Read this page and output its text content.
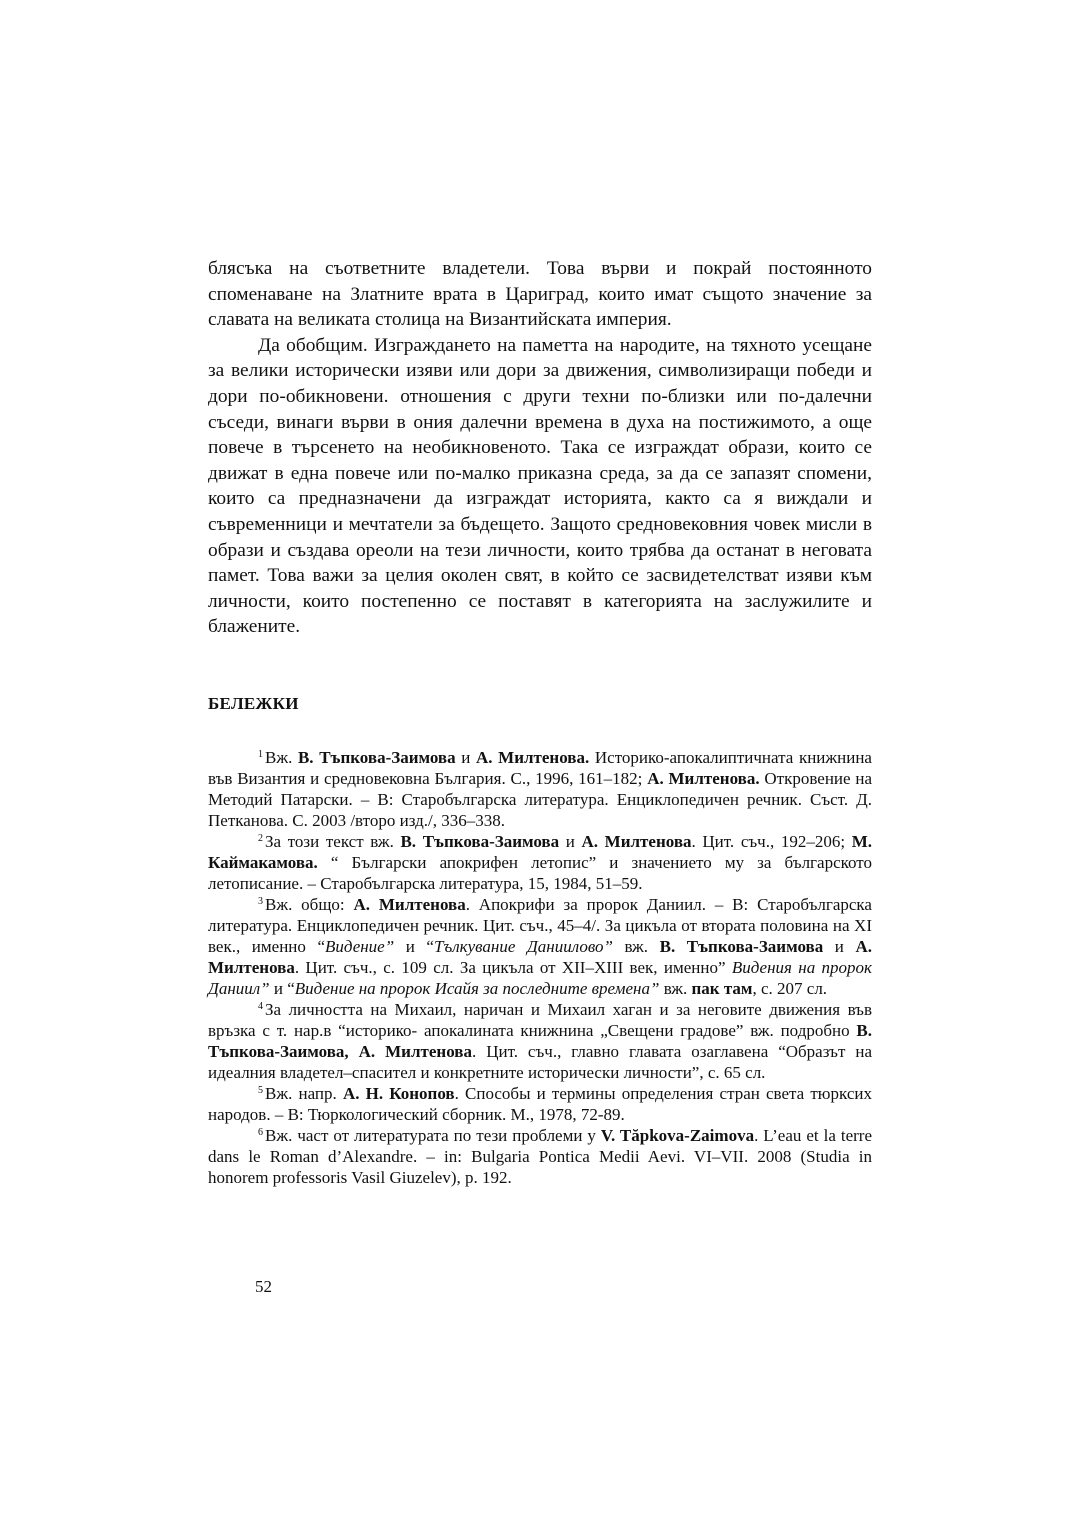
блясъка на съответните владетели. Това върви и покрай постоянното споменаване на Златните врата в Цариград, които имат същото значение за славата на великата столица на Византийската империя.

Да обобщим. Изграждането на паметта на народите, на тяхното усещане за велики исторически изяви или дори за движения, символизиращи победи и дори по-обикновени. отношения с други техни по-близки или по-далечни съседи, винаги върви в ония далечни времена в духа на постижимото, а още повече в търсенето на необикновеното. Така се изграждат образи, които се движат в една повече или по-малко приказна среда, за да се запазят спомени, които са предназначени да изграждат историята, както са я виждали и съвременници и мечтатели за бъдещето. Защото средновековния човек мисли в образи и създава ореоли на тези личности, които трябва да останат в неговата памет. Това важи за целия околен свят, в който се засвидетелстват изяви към личности, които постепенно се поставят в категорията на заслужилите и блажените.

БЕЛЕЖКИ

$^1$ Вж. В. Тъпкова-Заимова и А. Милтенова. Историко-апокалиптичната книжнина във Византия и средновековна България. С., 1996, 161–182; А. Милтенова. Откровение на Методий Патарски. – В: Старобългарска литература. Енциклопедичен речник. Съст. Д. Петканова. С. 2003 /второ изд./, 336–338.

$^2$ За този текст вж. В. Тъпкова-Заимова и А. Милтенова. Цит. съч., 192–206; М. Каймакамова. “ Български апокрифен летопис” и значението му за българското летописание. – Старобългарска литература, 15, 1984, 51–59.

$^3$ Вж. общо: А. Милтенова. Апокрифи за пророк Даниил. – В: Старобългарска литература. Енциклопедичен речник. Цит. съч., 45–4/. За цикъла от втората половина на XI век., именно “Видение” и “Тълкувание Даниилово” вж. В. Тъпкова-Заимова и А. Милтенова. Цит. съч., с. 109 сл. За цикъла от XII–XIII век, именно” Видения на пророк Даниил” и “Видение на пророк Исайя за последните времена” вж. пак там, с. 207 сл.

$^4$ За личността на Михаил, наричан и Михаил хаган и за неговите движения във връзка с т. нар.в “историко- апокалината книжнина „Свещени градове” вж. подробно В. Тъпкова-Заимова, А. Милтенова. Цит. съч., главно главата озаглавена “Образът на идеалния владетел–спасител и конкретните исторически личности”, с. 65 сл.

$^5$ Вж. напр. А. Н. Конопов. Способы и термины определения стран света тюрксих народов. – В: Тюркологический сборник. М., 1978, 72-89.

$^6$ Вж. част от литературата по тези проблеми у V. Tăpkova-Zaimova. L’eau et la terre dans le Roman d’Alexandre. – in: Bulgaria Pontica Medii Aevi. VI–VII. 2008 (Studia in honorem professoris Vasil Giuzelev), p. 192.

52
